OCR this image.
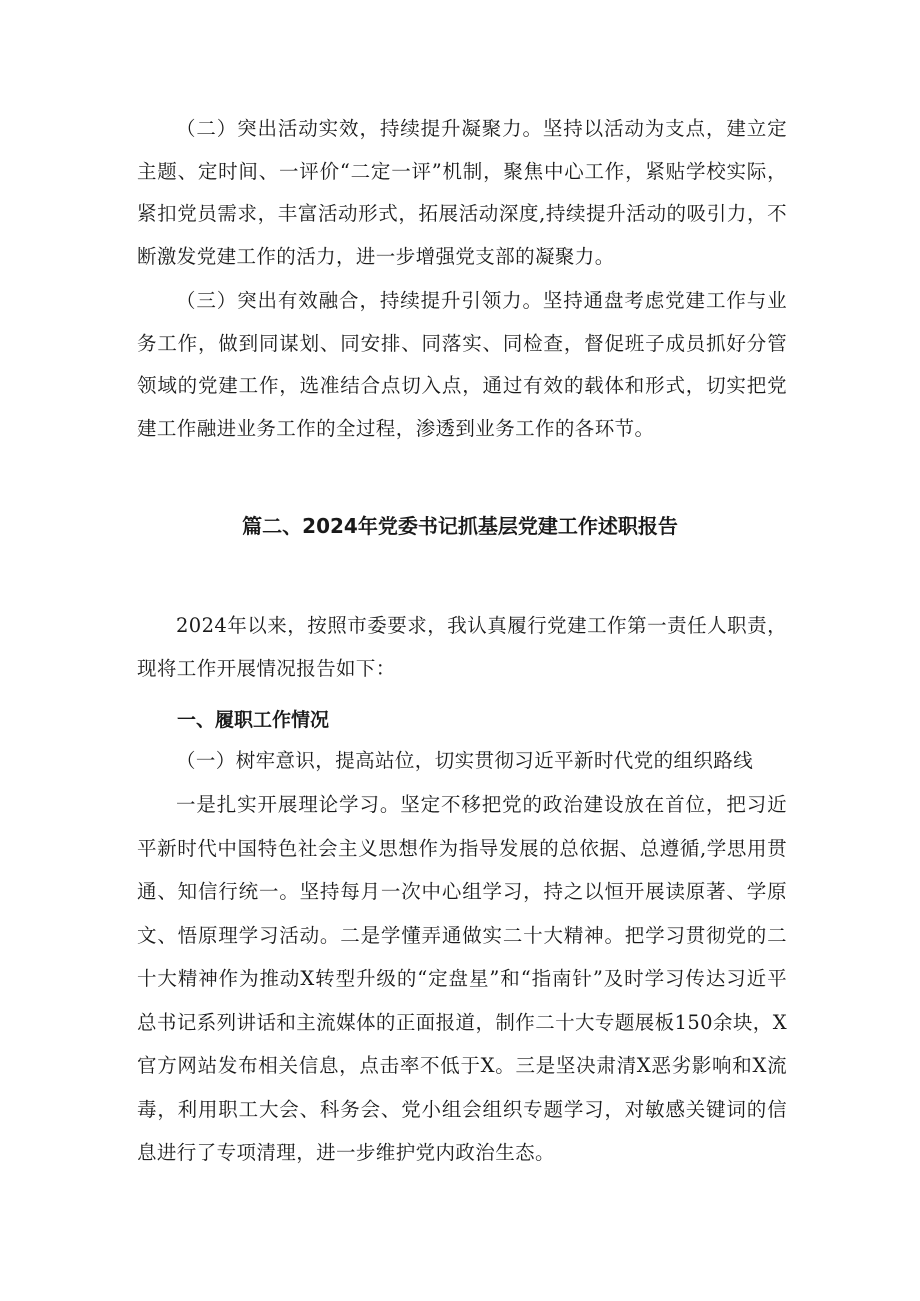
（二）突出活动实效，持续提升凝聚力。坚持以活动为支点，建立定主题、定时间、一评价“二定一评”机制，聚焦中心工作，紧贴学校实际，紧扣党员需求，丰富活动形式，拓展活动深度,持续提升活动的吸引力，不断激发党建工作的活力，进一步增强党支部的凝聚力。

（三）突出有效融合，持续提升引领力。坚持通盘考虑党建工作与业务工作，做到同谋划、同安排、同落实、同检查，督促班子成员抓好分管领域的党建工作，选准结合点切入点，通过有效的载体和形式，切实把党建工作融进业务工作的全过程，渗透到业务工作的各环节。

篇二、2024年党委书记抓基层党建工作述职报告

2024年以来，按照市委要求，我认真履行党建工作第一责任人职责，现将工作开展情况报告如下：

一、履职工作情况

（一）树牢意识，提高站位，切实贯彻习近平新时代党的组织路线

一是扎实开展理论学习。坚定不移把党的政治建设放在首位，把习近平新时代中国特色社会主义思想作为指导发展的总依据、总遵循,学思用贯通、知信行统一。坚持每月一次中心组学习，持之以恒开展读原著、学原文、悟原理学习活动。二是学懂弄通做实二十大精神。把学习贯彻党的二十大精神作为推动X转型升级的“定盘星”和“指南针”及时学习传达习近平总书记系列讲话和主流媒体的正面报道，制作二十大专题展板150余块，X官方网站发布相关信息，点击率不低于X。三是坚决肃清X恶劣影响和X流毒，利用职工大会、科务会、党小组会组织专题学习，对敏感关键词的信息进行了专项清理，进一步维护党内政治生态。
